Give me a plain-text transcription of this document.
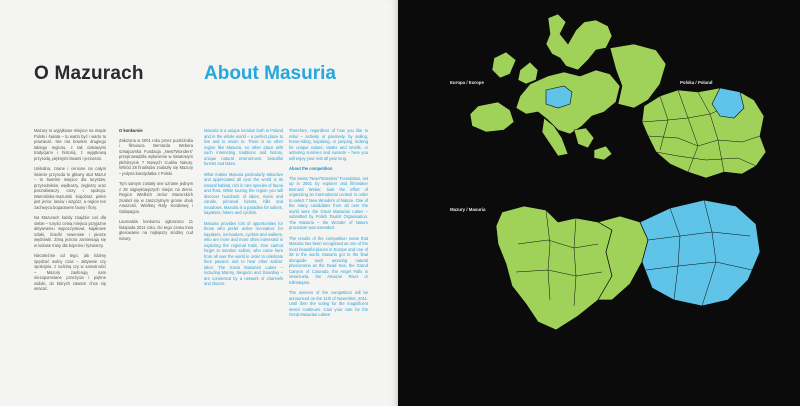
O Mazurach	About Masuria

Mazury to wyjątkowe miejsce na mapie Polski i świata – tu warto być i warto tu powracać. Nie ma bowiem drugiego takiego regionu, z tak ciekawymi tradycjami i historią, z wyjątkową przyrodą, pięknymi lasami i jeziorami.

Unikalna, znane i cenione na całym świecie przyroda to główny atut Mazur – to świetne miejsce dla turystów, przyrodników, wędkarzy, żeglarzy oraz poszukiwaczy ciszy i spokoju. Warmińsko-mazurski krajobraz pełen jest jezior, lasów i wzgórz, a region ten zachwyca bogactwem fauny i flory.

Na Mazurach każdy znajdzie coś dla siebie – turyści cenią miejsca przyjazne aktywnemu wypoczynkowi, kajakowe szlaki, ścieżki rowerowe i piesze wędrówki. Zimą jeziora zamieniają się w lodowe trasy dla bojerów i łyżwiarzy.

Niezależnie od tego, jak lubimy spędzać wolny czas – aktywnie czy spokojnie, z rodziną czy w samotności – Mazury zaoferują nam niezapomniane przeżycia i piękne widoki, do których zawsze chce się wracać.

O konkursie

Założona w 2001 roku przez podróżnika i filmowca Bernarda Webera szwajcarska Fundacja „New7Wonders” przeprowadziła wyłonienie w światowym plebiscycie 7 Nowych Cudów Natury. Wśród 28 finalistów znalazły się Mazury – jedyna kandydatka z Polski.

Tym samym zostały one uznane jednym z 28 najpiękniejszych miejsc na Ziemi. Region Wielkich Jezior Mazurskich znalazł się w zaszczytnym gronie obok Amazonii, Wielkiej Rafy Koralowej i Galapagos.

Laureatów konkursu ogłoszono 11 listopada 2011 roku. Do tego czasu trwa głosowanie na najlepszy siódmy cud natury.

Masuria is a unique location both in Poland and in the whole world – a perfect place to live and to return to. There is no other region like Masuria, no other place with such interesting traditions and history, unique natural environment, beautiful forests and lakes.

What makes Masuria particularly attractive and appreciated all over the world is its natural habitat, rich in rare species of fauna and flora. While touring the region you will discover hundreds of lakes, rivers and canals, primeval forests, hills and meadows. Masuria is a paradise for sailors, kayakers, hikers and cyclists.

Masuria provides lots of opportunities for those who prefer active recreation: for kayakers, ice-boaters, cyclists and walkers, who are more and more often interested in exploring the regional trails. One cannot forget to mention sailors, who come here from all over the world in order to celebrate their passion and to hear other sailors' tales. The Great Masurian Lakes – including Mamry, Niegocin and Śniardwy – are connected by a network of channels and sluices.

Therefore, regardless of how you like to relax – actively or passively, by sailing, horse-riding, kayaking, or jumping, looking for unique nature, tastes and smells, or admiring sunrises and sunsets – here you will enjoy your rest all year long.

About the competition

The Swiss “New7Wonders” Foundation, set up in 2001 by explorer and filmmaker Bernard Weber, took the effort of organizing an international contest in order to select 7 New Wonders of Nature. One of the many candidates from all over the world were the Great Masurian Lakes – submitted by Polish Tourist Organisation. The Masuria – the Wonder of Nature procedure was extended.

The results of the competition mean that Masuria has been recognised as one of the most beautiful places in Europe and one of 28 in the world. Masuria got to the final alongside such amazing natural phenomena as the Dead Sea, the Grand Canyon of Colorado, the Angel Falls in Venezuela, the Amazon River or Kilimanjaro.

The winners of the competition will be announced on the 11th of November, 2011. Until then the voting for the magnificent seven continues. Cast your vote for the Great Masurian Lakes!

Europa / Europe	Polska / Poland
Mazury / Masuria
